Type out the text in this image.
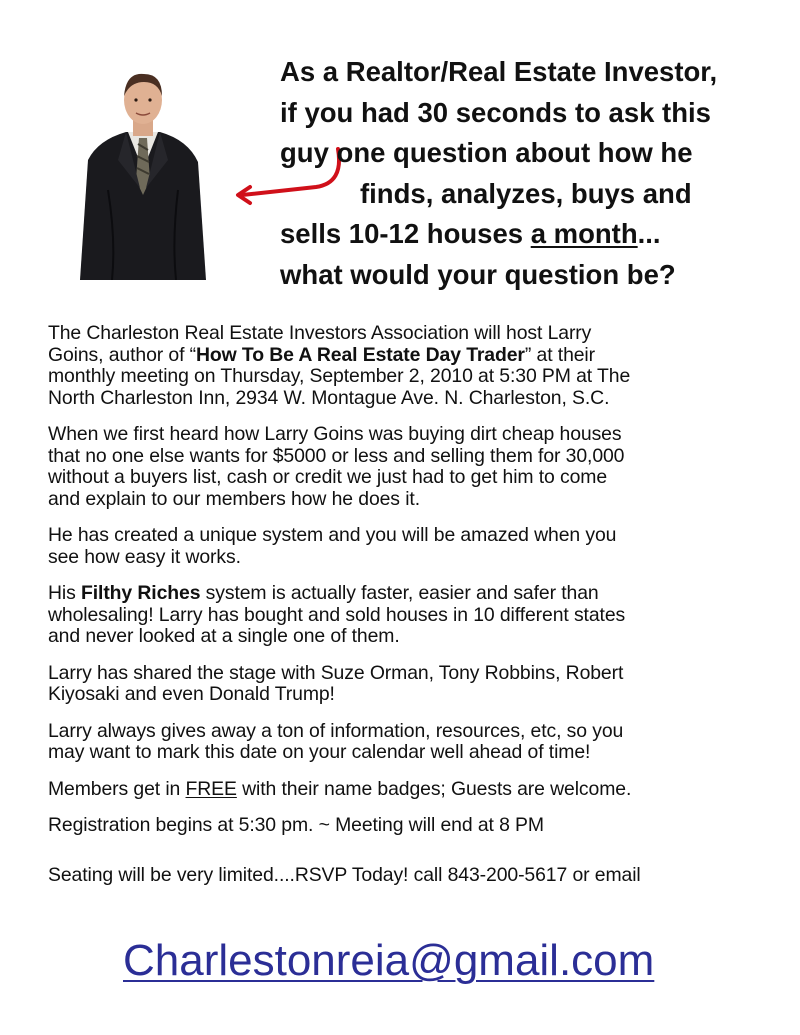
As a Realtor/Real Estate Investor,
if you had 30 seconds to ask this
guy one question about how he
finds, analyzes, buys and
sells 10-12 houses a month...
what would your question be?

The Charleston Real Estate Investors Association will host Larry
Goins, author of “How To Be A Real Estate Day Trader” at their
monthly meeting on Thursday, September 2, 2010 at 5:30 PM at The
North Charleston Inn, 2934 W. Montague Ave. N. Charleston, S.C.

When we first heard how Larry Goins was buying dirt cheap houses
that no one else wants for $5000 or less and selling them for 30,000
without a buyers list, cash or credit we just had to get him to come
and explain to our members how he does it.

He has created a unique system and you will be amazed when you
see how easy it works.

His Filthy Riches system is actually faster, easier and safer than
wholesaling! Larry has bought and sold houses in 10 different states
and never looked at a single one of them.

Larry has shared the stage with Suze Orman, Tony Robbins, Robert
Kiyosaki and even Donald Trump!

Larry always gives away a ton of information, resources, etc, so you
may want to mark this date on your calendar well ahead of time!

Members get in FREE with their name badges; Guests are welcome.

Registration begins at 5:30 pm. ~ Meeting will end at 8 PM

Seating will be very limited....RSVP Today! call 843-200-5617 or email

Charlestonreia@gmail.com
